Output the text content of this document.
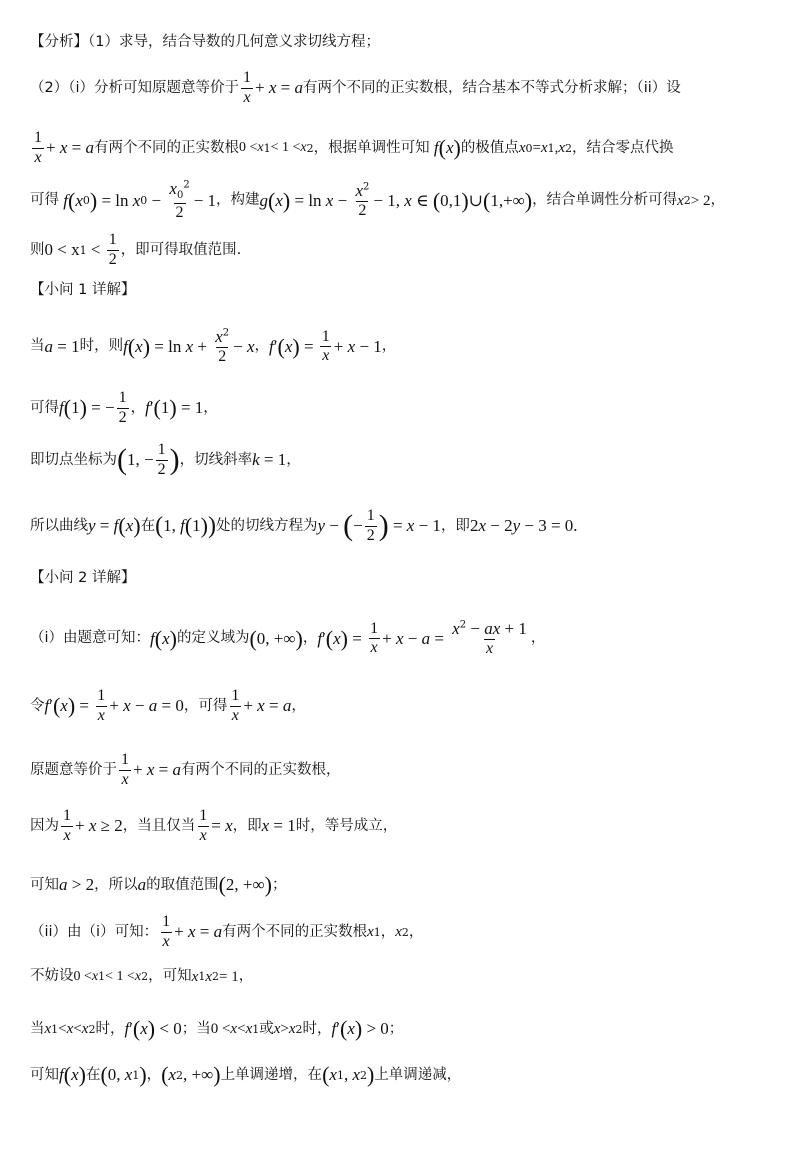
【分析】（1）求导，结合导数的几何意义求切线方程；
（2）（i）分析可知原题意等价于 $\frac{1}{x} + x = a$ 有两个不同的正实数根，结合基本不等式分析求解；（ii）设
$\frac{1}{x} + x = a$ 有两个不同的正实数根 0 < x 1 < 1 < x 2 ，根据单调性可知 f ( x ) 的极值点 x 0 = x 1 , x 2 ，结合零点代换
可得 f ( x 0 ) = ln x $0 - \frac{x_0^2}{2} - 1$ ，构建 g ( x ) = $\ln x - \frac{x^2}{2} - 1$, x ∈ ( 0,1 ) ∪ ( 1,+∞ ) ，结合单调性分析可得 x 2 > 2 ，
则 0 < x $1 < \frac{1}{2}$ ，即可得取值范围.
【小问 1 详解】
当 a = 1 时，则 f ( x ) = $\ln x + \frac{x^2}{2} - x$ ， f ′ ( x ) = $\frac{1}{x} + x - 1$ ，
可得 f ( 1 ) = − $\frac{1}{2}$ ， f ′ ( 1 ) = 1 ，
即切点坐标为 ( 1, − $\frac{1}{2}$ ) ，切线斜率 k = 1 ，
所以曲线 y = f ( x ) 在 ( 1, f ( 1 ) ) 处的切线方程为 y − ( − $\frac{1}{2}$ ) = x − 1 ，即 2 x − 2 y − 3 = 0.
【小问 2 详解】
（i）由题意可知： f ( x ) 的定义域为 ( 0, +∞ ) ， f ′ ( x ) = $\frac{1}{x} + x - a = \frac{x^2 - ax + 1}{x}$ ，
令 f ′ ( x ) = $\frac{1}{x} + x - a = 0$ ，可得 $\frac{1}{x} + x = a$ ，
原题意等价于 $\frac{1}{x} + x = a$ 有两个不同的正实数根，
因为 $\frac{1}{x} + x \ge 2$ ，当且仅当 $\frac{1}{x} = x$ ，即 x = 1 时，等号成立，
可知 a > 2 ，所以 a 的取值范围 ( 2, +∞ ) ；
（ii）由（i）可知： $\frac{1}{x} + x = a$ 有两个不同的正实数根 x 1 ， x 2 ，
不妨设 0 < x 1 < 1 < x 2 ，可知 x 1 x 2 = 1 ，
当 x 1 < x < x 2 时， f ′ ( x ) < 0 ；当 0 < x < x 1 或 x > x 2 时， f ′ ( x ) > 0 ；
可知 f ( x ) 在 ( 0, x 1 ) ， ( x 2 , +∞ ) 上单调递增，在 ( x 1 , x 2 ) 上单调递减，
